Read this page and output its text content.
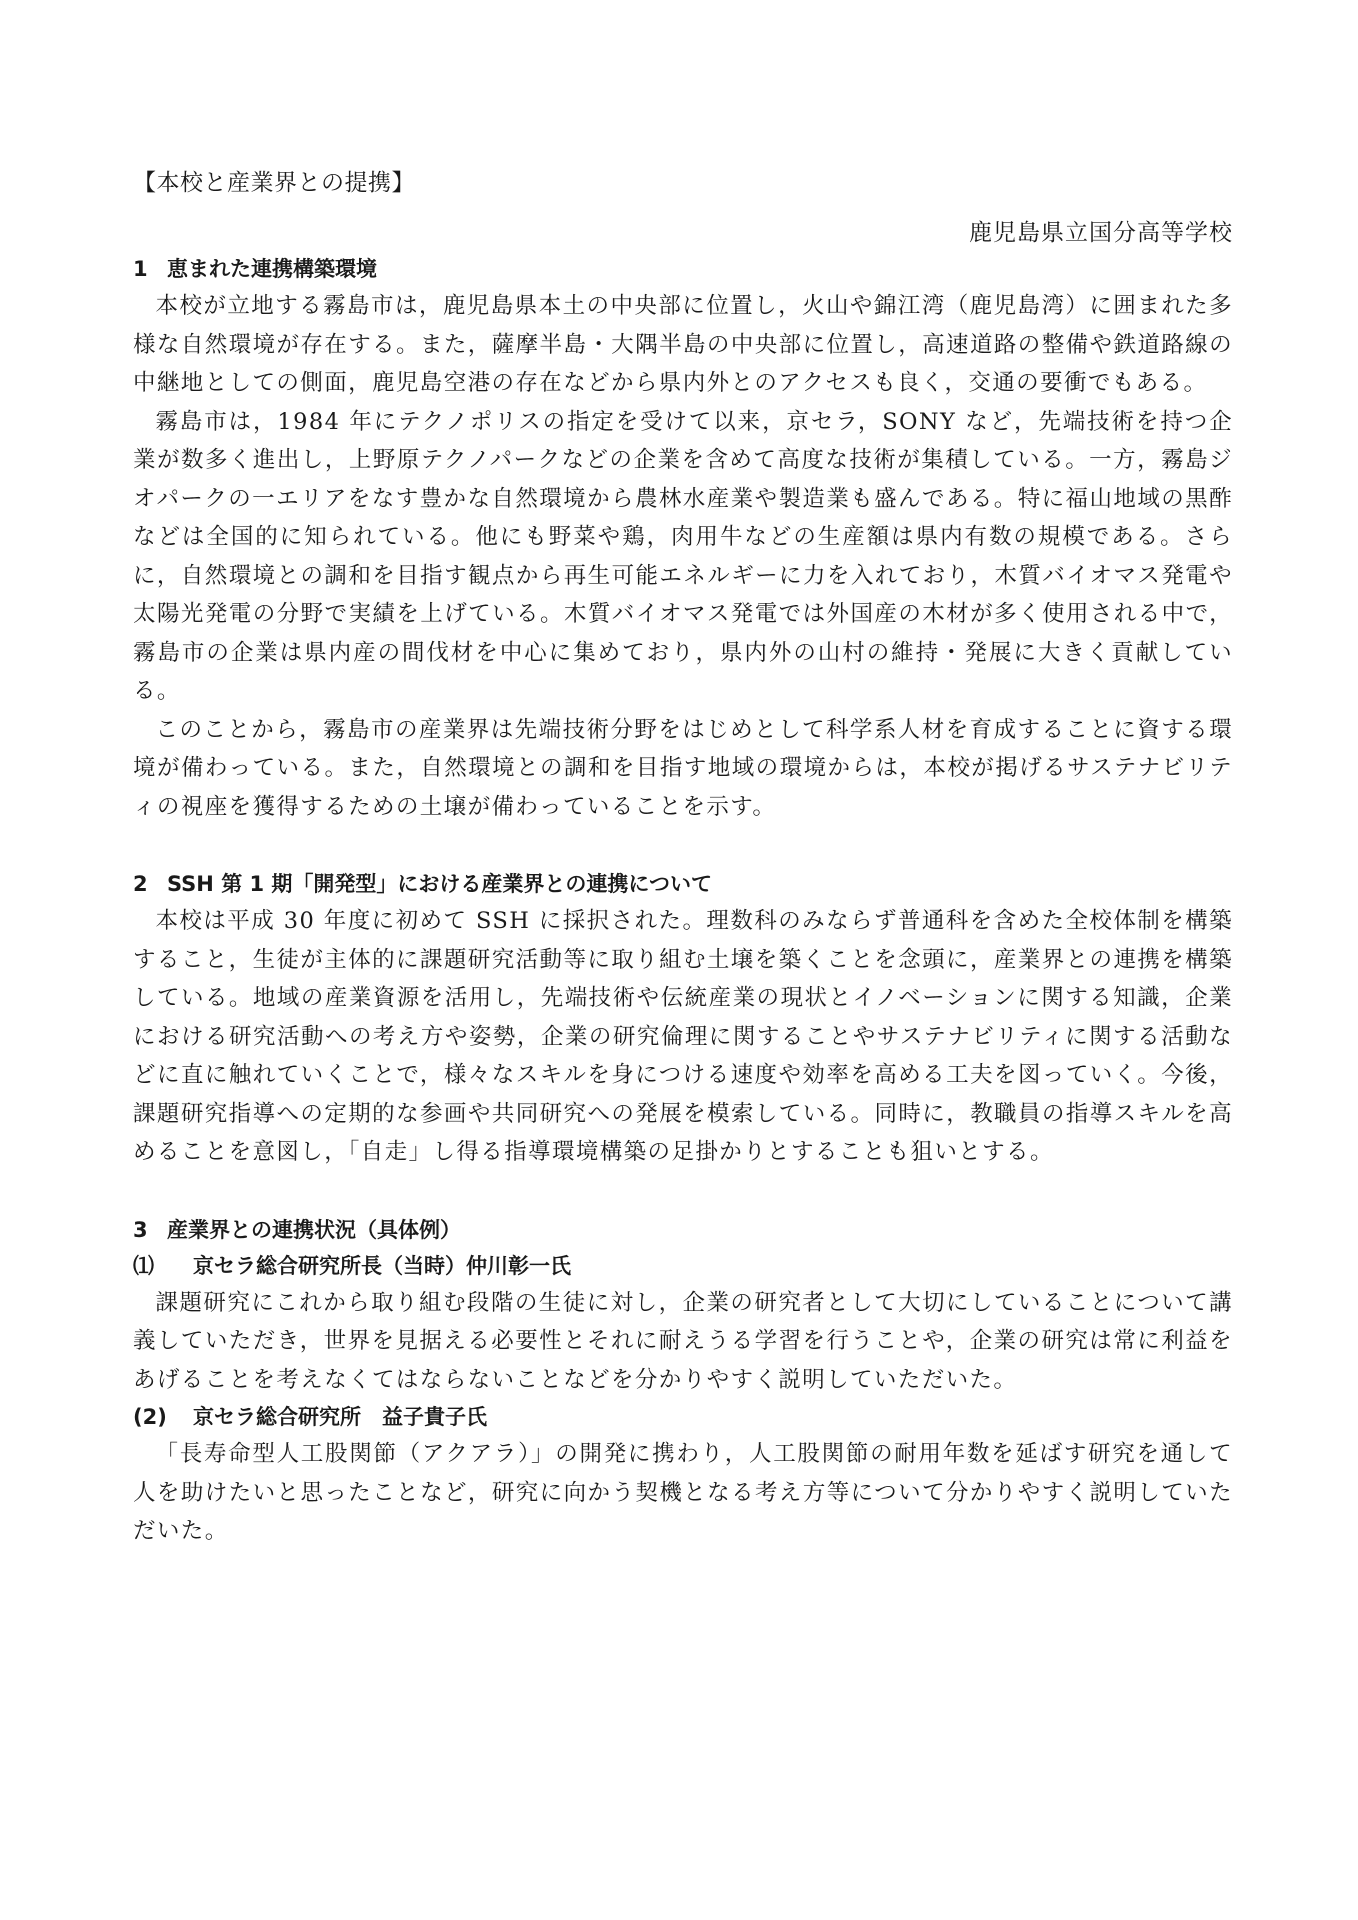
【本校と産業界との提携】

鹿児島県立国分高等学校

1 恵まれた連携構築環境

本校が立地する霧島市は，鹿児島県本土の中央部に位置し，火山や錦江湾（鹿児島湾）に囲まれた多様な自然環境が存在する。また，薩摩半島・大隅半島の中央部に位置し，高速道路の整備や鉄道路線の中継地としての側面，鹿児島空港の存在などから県内外とのアクセスも良く，交通の要衝でもある。

霧島市は，1984 年にテクノポリスの指定を受けて以来，京セラ，SONY など，先端技術を持つ企業が数多く進出し，上野原テクノパークなどの企業を含めて高度な技術が集積している。一方，霧島ジオパークの一エリアをなす豊かな自然環境から農林水産業や製造業も盛んである。特に福山地域の黒酢などは全国的に知られている。他にも野菜や鶏，肉用牛などの生産額は県内有数の規模である。さらに，自然環境との調和を目指す観点から再生可能エネルギーに力を入れており，木質バイオマス発電や太陽光発電の分野で実績を上げている。木質バイオマス発電では外国産の木材が多く使用される中で，霧島市の企業は県内産の間伐材を中心に集めており，県内外の山村の維持・発展に大きく貢献している。

このことから，霧島市の産業界は先端技術分野をはじめとして科学系人材を育成することに資する環境が備わっている。また，自然環境との調和を目指す地域の環境からは，本校が掲げるサステナビリティの視座を獲得するための土壌が備わっていることを示す。

2 SSH 第 1 期「開発型」における産業界との連携について

本校は平成 30 年度に初めて SSH に採択された。理数科のみならず普通科を含めた全校体制を構築すること，生徒が主体的に課題研究活動等に取り組む土壌を築くことを念頭に，産業界との連携を構築している。地域の産業資源を活用し，先端技術や伝統産業の現状とイノベーションに関する知識，企業における研究活動への考え方や姿勢，企業の研究倫理に関することやサステナビリティに関する活動などに直に触れていくことで，様々なスキルを身につける速度や効率を高める工夫を図っていく。今後，課題研究指導への定期的な参画や共同研究への発展を模索している。同時に，教職員の指導スキルを高めることを意図し，「自走」し得る指導環境構築の足掛かりとすることも狙いとする。

3 産業界との連携状況（具体例）
⑴ 京セラ総合研究所長（当時）仲川彰一氏

課題研究にこれから取り組む段階の生徒に対し，企業の研究者として大切にしていることについて講義していただき，世界を見据える必要性とそれに耐えうる学習を行うことや，企業の研究は常に利益をあげることを考えなくてはならないことなどを分かりやすく説明していただいた。

(2) 京セラ総合研究所　益子貴子氏

「長寿命型人工股関節（アクアラ）」の開発に携わり，人工股関節の耐用年数を延ばす研究を通して人を助けたいと思ったことなど，研究に向かう契機となる考え方等について分かりやすく説明していただいた。
